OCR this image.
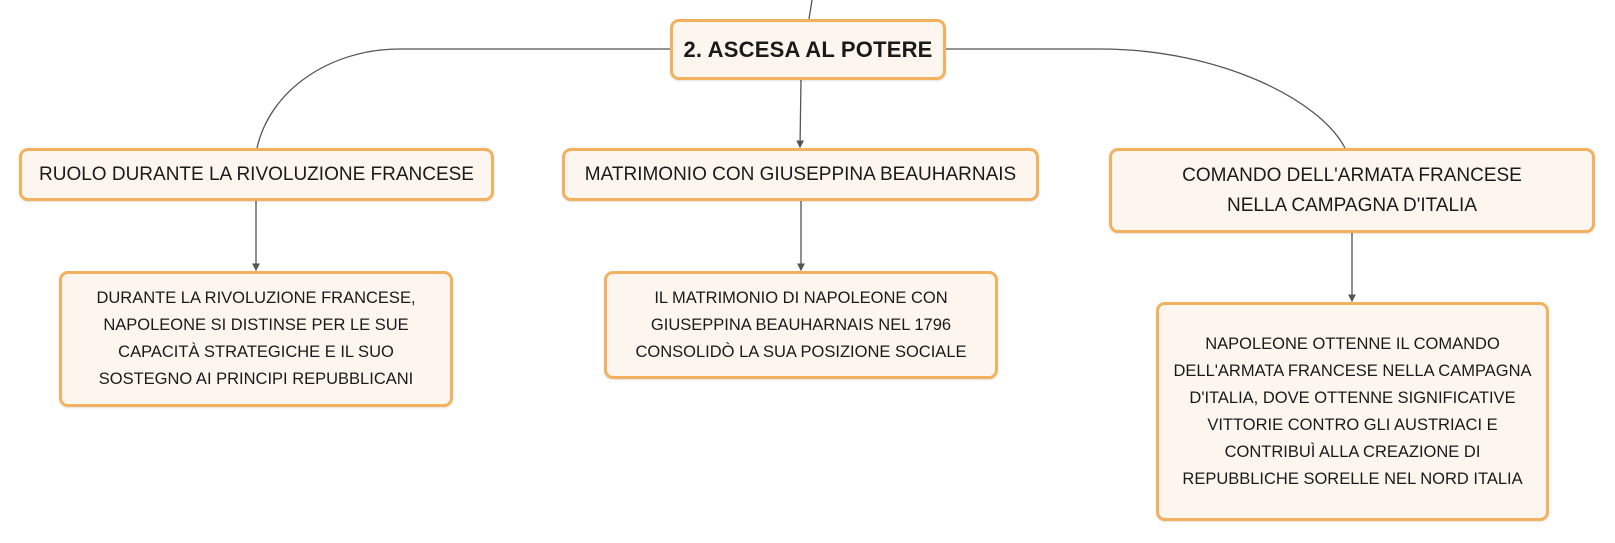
2. ASCESA AL POTERE
RUOLO DURANTE LA RIVOLUZIONE FRANCESE	MATRIMONIO CON GIUSEPPINA BEAUHARNAIS	COMANDO DELL'ARMATA FRANCESE NELLA CAMPAGNA D'ITALIA
DURANTE LA RIVOLUZIONE FRANCESE, NAPOLEONE SI DISTINSE PER LE SUE CAPACITÀ STRATEGICHE E IL SUO SOSTEGNO AI PRINCIPI REPUBBLICANI
IL MATRIMONIO DI NAPOLEONE CON GIUSEPPINA BEAUHARNAIS NEL 1796 CONSOLIDÒ LA SUA POSIZIONE SOCIALE	NAPOLEONE OTTENNE IL COMANDO DELL'ARMATA FRANCESE NELLA CAMPAGNA D'ITALIA, DOVE OTTENNE SIGNIFICATIVE VITTORIE CONTRO GLI AUSTRIACI E CONTRIBUÌ ALLA CREAZIONE DI REPUBBLICHE SORELLE NEL NORD ITALIA
